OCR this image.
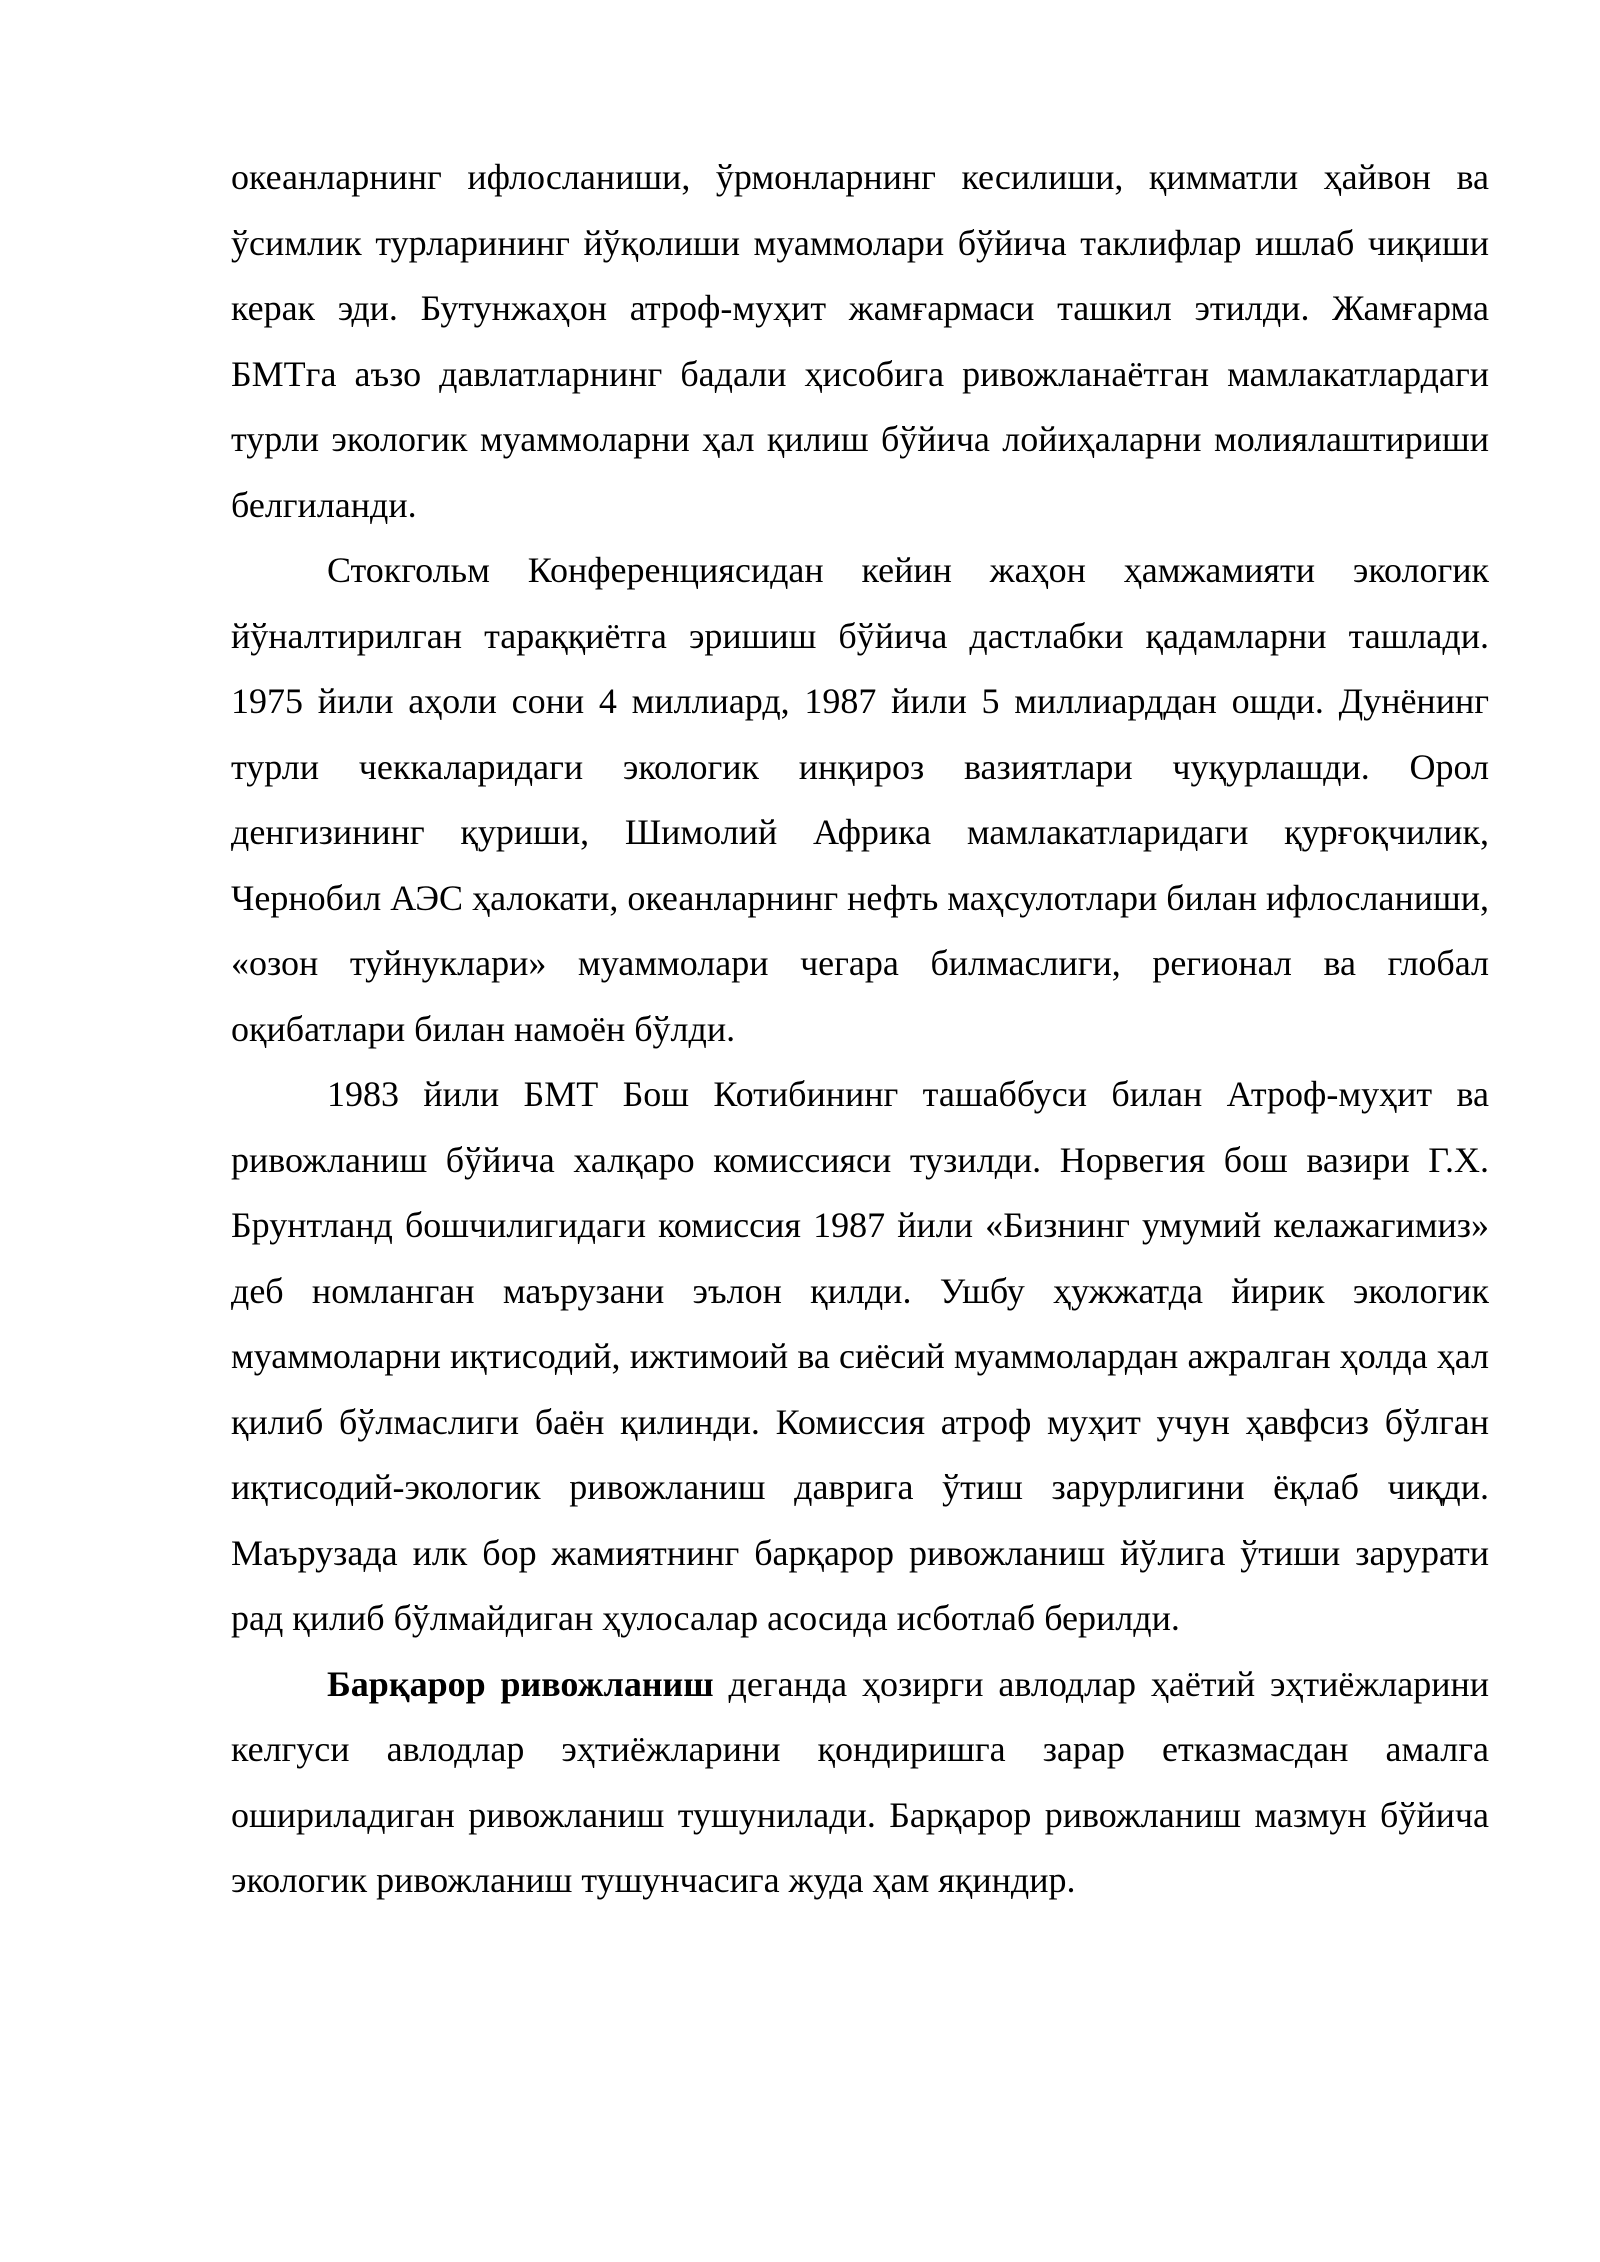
океанларнинг ифлосланиши, ўрмонларнинг кесилиши, қимматли ҳайвон ва ўсимлик турларининг йўқолиши муаммолари бўйича таклифлар ишлаб чиқиши керак эди. Бутунжаҳон атроф-муҳит жамғармаси ташкил этилди. Жамғарма БМТга аъзо давлатларнинг бадали ҳисобига ривожланаётган мамлакатлардаги турли экологик муаммоларни ҳал қилиш бўйича лойиҳаларни молиялаштириши белгиланди.

Стокгольм Конференциясидан кейин жаҳон ҳамжамияти экологик йўналтирилган тараққиётга эришиш бўйича дастлабки қадамларни ташлади. 1975 йили аҳоли сони 4 миллиард, 1987 йили 5 миллиарддан ошди. Дунёнинг турли чеккаларидаги экологик инқироз вазиятлари чуқурлашди. Орол денгизининг қуриши, Шимолий Африка мамлакатларидаги қурғоқчилик, Чернобил АЭС ҳалокати, океанларнинг нефть маҳсулотлари билан ифлосланиши, «озон туйнуклари» муаммолари чегара билмаслиги, регионал ва глобал оқибатлари билан намоён бўлди.

1983 йили БМТ Бош Котибининг ташаббуси билан Атроф-муҳит ва ривожланиш бўйича халқаро комиссияси тузилди. Норвегия бош вазири Г.Х. Брунтланд бошчилигидаги комиссия 1987 йили «Бизнинг умумий келажагимиз» деб номланган маърузани эълон қилди. Ушбу ҳужжатда йирик экологик муаммоларни иқтисодий, ижтимоий ва сиёсий муаммолардан ажралган ҳолда ҳал қилиб бўлмаслиги баён қилинди. Комиссия атроф муҳит учун ҳавфсиз бўлган иқтисодий-экологик ривожланиш даврига ўтиш зарурлигини ёқлаб чиқди. Маърузада илк бор жамиятнинг барқарор ривожланиш йўлига ўтиши зарурати рад қилиб бўлмайдиган ҳулосалар асосида исботлаб берилди.

Барқарор ривожланиш деганда ҳозирги авлодлар ҳаётий эҳтиёжларини келгуси авлодлар эҳтиёжларини қондиришга зарар етказмасдан амалга ошириладиган ривожланиш тушунилади. Барқарор ривожланиш мазмун бўйича экологик ривожланиш тушунчасига жуда ҳам яқиндир.
